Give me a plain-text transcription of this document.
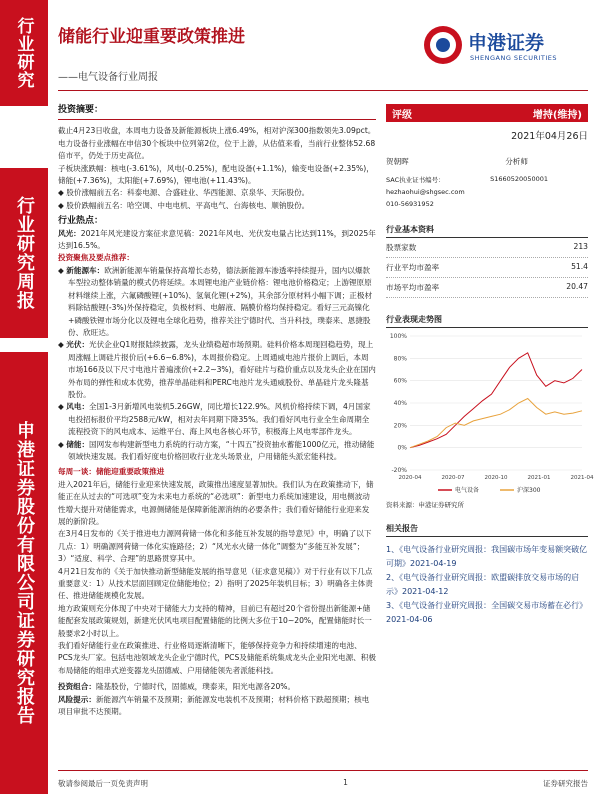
行业研究
行业研究周报
申港证券股份有限公司证券研究报告
储能行业迎重要政策推进
——电气设备行业周报
申港证券
SHENGANG SECURITIES

投资摘要：

截止4月23日收盘，本周电力设备及新能源板块上涨6.49%，相对沪深300指数领先3.09pct。电力设备行业涨幅在申信30个板块中位列第2位，位于上游，从估值来看，当前行业整体52.68倍市平，仍处于历史高位。

子板块涨跌幅：核电(-3.61%)，风电(-0.25%)，配电设备(+1.1%)，输变电设备(+2.35%)，储能(+7.36%)，太阳能(+7.69%)，锂电池(+11.43%)。

◆ 股价涨幅前五名：科泰电源、合盛硅业、华西能源、京泉华、天际股份。

◆ 股价跌幅前五名：哈空调、中电电机、平高电气、台海核电、顺钠股份。

行业热点：

风光：2021年风光建设方案征求意见稿：2021年风电、光伏发电量占比达到11%，到2025年达到16.5%。

投资聚焦及要点推荐：

◆ 新能源车：欧洲新能源车销量保持高增长态势，德法新能源车渗透率持续提升，国内以爆款车型拉动整体销量的模式仍将延续。本周锂电池产业链价格：锂电池价格稳定；上游锂原原材料继续上涨，六氟磷酸锂(+10%)、氢氧化锂(+2%)，其余部分原材料小幅下调；正极材料除钴酸锂(-3%)外保持稳定，负极材料、电解液、隔膜价格均保持稳定。看好三元高镍化+磷酸铁锂市场分化以及锂电全球化趋势，推荐关注宁德时代、当升科技，璞泰来、恩捷股份、欣旺达。

◆ 光伏：光伏企业Q1财报陆续披露，龙头业绩稳超市场预期。硅料价格本周现回稳趋势，现上周涨幅上调硅片报价后(+6.6~6.8%)，本周报价稳定。上周通威电池片报价上调后，本周市场166及以下尺寸电池片普遍涨价(+2.2~3%)，看好硅片与稳价重点以及龙头企业在国内外布局的弹性和成本优势，推荐单晶硅料和PERC电池片龙头通威股份、单晶硅片龙头隆基股份。

◆ 风电：全国1-3月新增风电装机5.26GW，同比增长122.9%。风机价格持续下调，4月国家电投招标报价平均2588元/kW，相对去年同期下降35%。我们看好风电行业全生命周期全流程投资下的风电成本、运维平台、海上风电各核心环节，积极海上风电零部件龙头。

◆ 储能：国网发布构建新型电力系统的行动方案，“十四五”投资抽水蓄能1000亿元，推动储能领域快速发展。我们看好度电价格回收行业龙头场景业，户用储能头派宏能科技。

每周一谈：储能迎重要政策推进

进入2021年后，储能行业迎来快速发展，政策推出速度显著加快。我们认为在政策推动下，储能正在从过去的“可选项”变为未来电力系统的“必选项”：新型电力系统加速建设，用电侧波动性增大提升对储能需求，电源侧储能是保障新能源消纳的必要条件；我们看好储能行业迎来发展的新阶段。

在3月4日发布的《关于推进电力源网荷储一体化和多能互补发展的指导意见》中，明确了以下几点：1）明确源网荷储一体化实施路径；2）“风光水火储一体化”调整为“多能互补发展”；3）“适度、科学、合理”的思路贯穿其中。

4月21日发布的《关于加快推动新型储能发展的指导意见（征求意见稿）》对于行业有以下几点重要意义：1）从技术层面回顾定位储能地位；2）指明了2025年装机目标；3）明确各主体责任、推进储能规模化发展。

地方政策则充分体现了中央对于储能大力支持的精神，目前已有超过20个省份提出新能源+储能配套发展政策规划，新建光伏风电项目配置储能的比例大多位于10~20%，配置储能时长一般要求2小时以上。

我们看好储能行业在政策推进、行业格局逐渐清晰下，能够保持竞争力和持续增速的电池、PCS龙头厂家。包括电池领域龙头企业宁德时代，PCS及储能系统集成龙头企业阳光电源、积极布局储能的组串式逆变器龙头固德威、户用储能领先者派能科技。

投资组合：隆基股份，宁德时代，固德威，璞泰来，阳光电源各20%。

风险提示：新能源汽车销量不及预期；新能源发电装机不及预期；材料价格下跌超预期；核电项目审批不达预期。

评级	增持(维持)
2021年04月26日
贺朝晖	分析师
SAC执业证书编号：	S1660520050001
hezhaohui@shgsec.com
010-56931952
行业基本资料
股票家数	213
行业平均市盈率	51.4
市场平均市盈率	20.47
行业表现走势图
-20%
0%
20%
40%
60%
80%
100%
2020-04	2020-07	2020-10	2021-01	2021-04
电气设备	沪深300
资料来源：申港证券研究所
相关报告
1、《电气设备行业研究周报：我国碳市场年变易额突破亿可期》2021-04-19
2、《电气设备行业研究周报：欧盟碳排放交易市场的启示》2021-04-12
3、《电气设备行业研究周报：全国碳交易市场蓄在必行》2021-04-06
敬请参阅最后一页免责声明	1	证券研究报告
